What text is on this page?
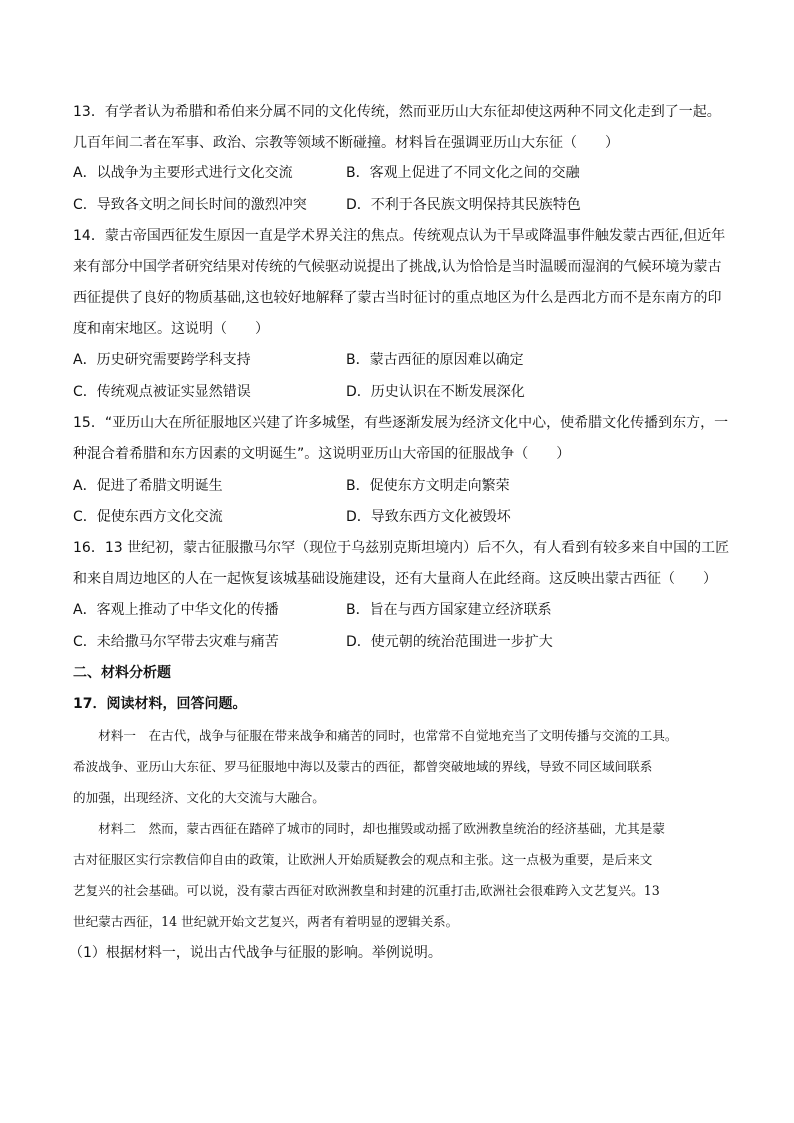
13．有学者认为希腊和希伯来分属不同的文化传统，然而亚历山大东征却使这两种不同文化走到了一起。
几百年间二者在军事、政治、宗教等领域不断碰撞。材料旨在强调亚历山大东征（　　）
A．以战争为主要形式进行文化交流	B．客观上促进了不同文化之间的交融
C．导致各文明之间长时间的激烈冲突	D．不利于各民族文明保持其民族特色
14．蒙古帝国西征发生原因一直是学术界关注的焦点。传统观点认为干旱或降温事件触发蒙古西征,但近年
来有部分中国学者研究结果对传统的气候驱动说提出了挑战,认为恰恰是当时温暖而湿润的气候环境为蒙古
西征提供了良好的物质基础,这也较好地解释了蒙古当时征讨的重点地区为什么是西北方而不是东南方的印
度和南宋地区。这说明（　　）
A．历史研究需要跨学科支持	B．蒙古西征的原因难以确定
C．传统观点被证实显然错误	D．历史认识在不断发展深化
15．“亚历山大在所征服地区兴建了许多城堡，有些逐渐发展为经济文化中心，使希腊文化传播到东方，一
种混合着希腊和东方因素的文明诞生”。这说明亚历山大帝国的征服战争（　　）
A．促进了希腊文明诞生	B．促使东方文明走向繁荣
C．促使东西方文化交流	D．导致东西方文化被毁坏
16．13 世纪初，蒙古征服撒马尔罕（现位于乌兹别克斯坦境内）后不久，有人看到有较多来自中国的工匠
和来自周边地区的人在一起恢复该城基础设施建设，还有大量商人在此经商。这反映出蒙古西征（　　）
A．客观上推动了中华文化的传播	B．旨在与西方国家建立经济联系
C．未给撒马尔罕带去灾难与痛苦	D．使元朝的统治范围进一步扩大
二、材料分析题
17．阅读材料，回答问题。
　　材料一　在古代，战争与征服在带来战争和痛苦的同时，也常常不自觉地充当了文明传播与交流的工具。
希波战争、亚历山大东征、罗马征服地中海以及蒙古的西征，都曾突破地域的界线，导致不同区域间联系
的加强，出现经济、文化的大交流与大融合。
　　材料二　然而，蒙古西征在踏碎了城市的同时，却也摧毁或动摇了欧洲教皇统治的经济基础，尤其是蒙
古对征服区实行宗教信仰自由的政策，让欧洲人开始质疑教会的观点和主张。这一点极为重要，是后来文
艺复兴的社会基础。可以说，没有蒙古西征对欧洲教皇和封建的沉重打击,欧洲社会很难跨入文艺复兴。13
世纪蒙古西征，14 世纪就开始文艺复兴，两者有着明显的逻辑关系。
（1）根据材料一，说出古代战争与征服的影响。举例说明。
